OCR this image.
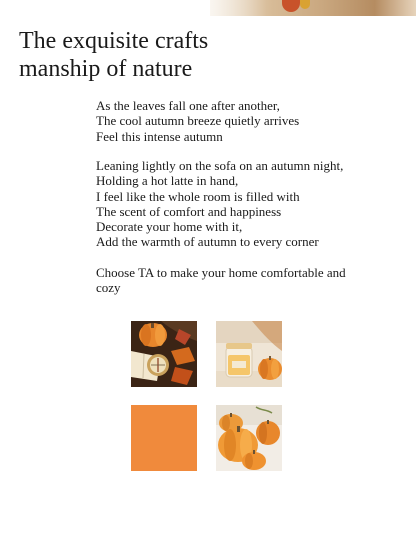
The exquisite crafts
manship of nature

As the leaves fall one after another,
The cool autumn breeze quietly arrives
Feel this intense autumn

Leaning lightly on the sofa on an autumn night,
Holding a hot latte in hand,
I feel like the whole room is filled with
The scent of comfort and happiness
Decorate your home with it,
Add the warmth of autumn to every corner

Choose TA to make your home comfortable and
cozy
